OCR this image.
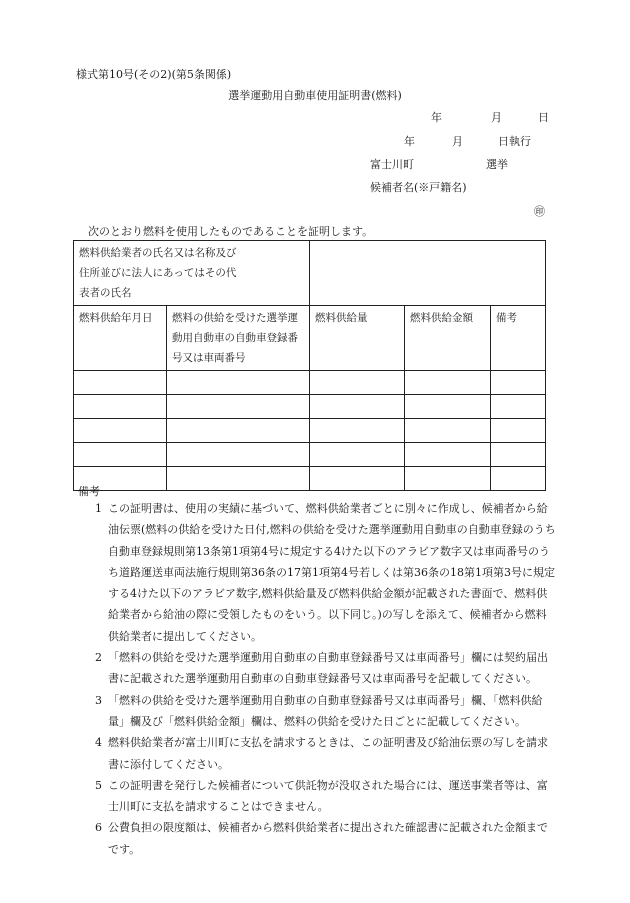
様式第10号(その2)(第5条関係)
選挙運動用自動車使用証明書(燃料)
年	月	日
年	月	日執行
富士川町	選挙
候補者名(※戸籍名)
㊞
次のとおり燃料を使用したものであることを証明します。
燃料供給業者の氏名又は名称及び住所並びに法人にあってはその代表者の氏名				

燃料供給年月日	燃料の供給を受けた選挙運動用自動車の自動車登録番号又は車両番号	燃料供給量	燃料供給金額	備考

備考
1 この証明書は、使用の実績に基づいて、燃料供給業者ごとに別々に作成し、候補者から給油伝票(燃料の供給を受けた日付,燃料の供給を受けた選挙運動用自動車の自動車登録のうち自動車登録規則第13条第1項第4号に規定する4けた以下のアラビア数字又は車両番号のうち道路運送車両法施行規則第36条の17第1項第4号若しくは第36条の18第1項第3号に規定する4けた以下のアラビア数字,燃料供給量及び燃料供給金額が記載された書面で、燃料供給業者から給油の際に受領したものをいう。以下同じ。)の写しを添えて、候補者から燃料供給業者に提出してください。
2 「燃料の供給を受けた選挙運動用自動車の自動車登録番号又は車両番号」欄には契約届出書に記載された選挙運動用自動車の自動車登録番号又は車両番号を記載してください。
3 「燃料の供給を受けた選挙運動用自動車の自動車登録番号又は車両番号」欄、「燃料供給量」欄及び「燃料供給金額」欄は、燃料の供給を受けた日ごとに記載してください。
4 燃料供給業者が富士川町に支払を請求するときは、この証明書及び給油伝票の写しを請求書に添付してください。
5 この証明書を発行した候補者について供託物が没収された場合には、運送事業者等は、富士川町に支払を請求することはできません。
6 公費負担の限度額は、候補者から燃料供給業者に提出された確認書に記載された金額までです。
